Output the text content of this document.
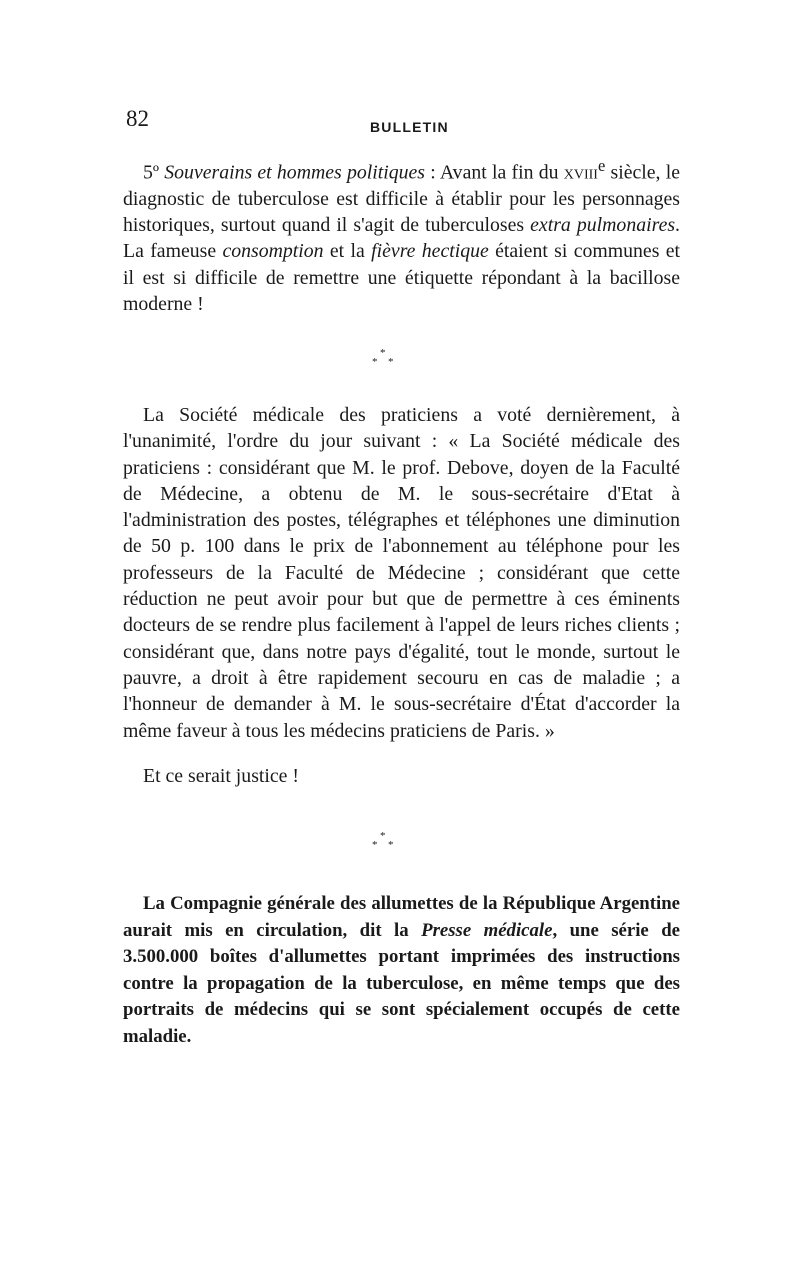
82	BULLETIN

5º Souverains et hommes politiques : Avant la fin du xviii$^e$ siècle, le diagnostic de tuberculose est difficile à établir pour les personnages historiques, surtout quand il s'agit de tuberculoses extra pulmonaires. La fameuse consomption et la fièvre hectique étaient si communes et il est si difficile de remettre une étiquette répondant à la bacillose moderne !

*
* *

La Société médicale des praticiens a voté dernièrement, à l'unanimité, l'ordre du jour suivant : « La Société médicale des praticiens : considérant que M. le prof. Debove, doyen de la Faculté de Médecine, a obtenu de M. le sous-secrétaire d'Etat à l'administration des postes, télégraphes et téléphones une diminution de 50 p. 100 dans le prix de l'abonnement au téléphone pour les professeurs de la Faculté de Médecine ; considérant que cette réduction ne peut avoir pour but que de permettre à ces éminents docteurs de se rendre plus facilement à l'appel de leurs riches clients ; considérant que, dans notre pays d'égalité, tout le monde, surtout le pauvre, a droit à être rapidement secouru en cas de maladie ; a l'honneur de demander à M. le sous-secrétaire d'État d'accorder la même faveur à tous les médecins praticiens de Paris. »

Et ce serait justice !

*
* *

La Compagnie générale des allumettes de la République Argentine aurait mis en circulation, dit la Presse médicale, une série de 3.500.000 boîtes d'allumettes portant imprimées des instructions contre la propagation de la tuberculose, en même temps que des portraits de médecins qui se sont spécialement occupés de cette maladie.
